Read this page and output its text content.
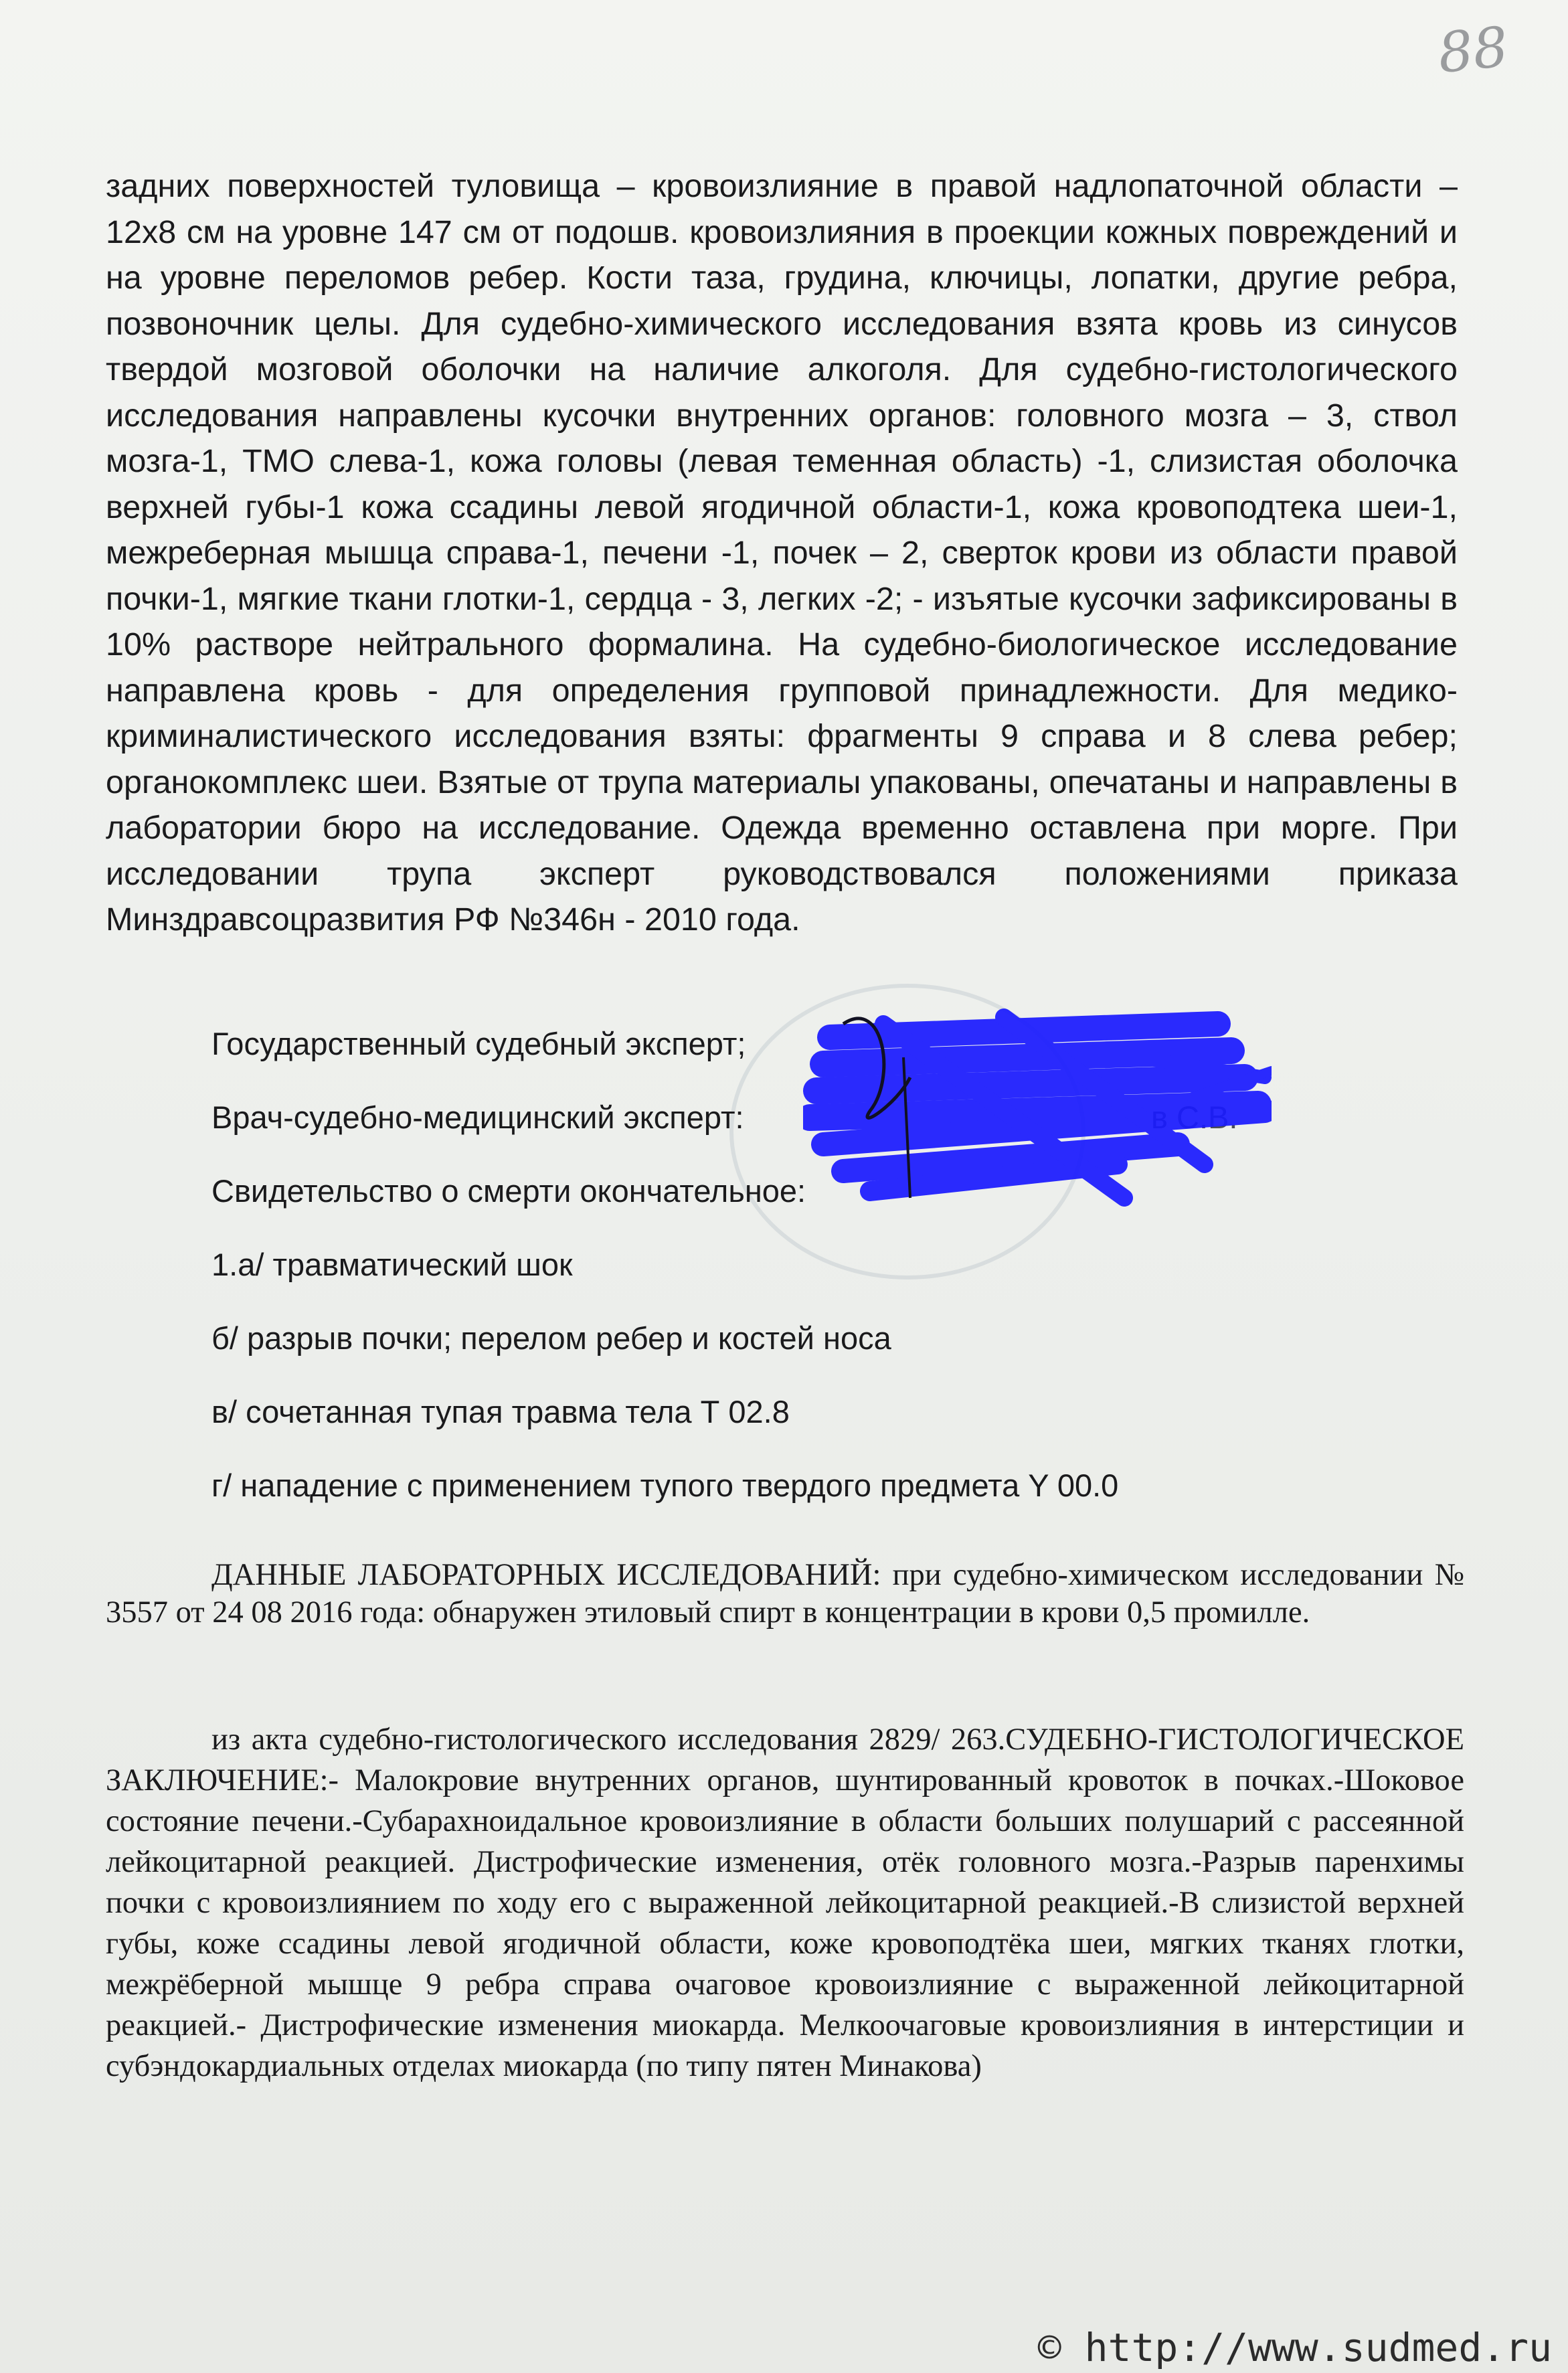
88

задних поверхностей туловища – кровоизлияние в правой надлопаточной области – 12х8 см на уровне 147 см от подошв. кровоизлияния в проекции кожных повреждений и на уровне переломов ребер. Кости таза, грудина, ключицы, лопатки, другие ребра, позвоночник целы. Для судебно-химического исследования взята кровь из синусов твердой мозговой оболочки на наличие алкоголя. Для судебно-гистологического исследования направлены кусочки внутренних органов: головного мозга – 3, ствол мозга-1, ТМО слева-1, кожа головы (левая теменная область) -1, слизистая оболочка верхней губы-1 кожа ссадины левой ягодичной области-1, кожа кровоподтека шеи-1, межреберная мышца справа-1, печени -1, почек – 2, сверток крови из области правой почки-1, мягкие ткани глотки-1, сердца - 3, легких -2; - изъятые кусочки зафиксированы в 10% растворе нейтрального формалина. На судебно-биологическое исследование направлена кровь - для определения групповой принадлежности. Для медико-криминалистического исследования взяты: фрагменты 9 справа и 8 слева ребер; органокомплекс шеи. Взятые от трупа материалы упакованы, опечатаны и направлены в лаборатории бюро на исследование. Одежда временно оставлена при морге. При исследовании трупа эксперт руководствовался положениями приказа Минздравсоцразвития РФ №346н - 2010 года.

Государственный судебный эксперт;
Врач-судебно-медицинский эксперт:	в С.В.
Свидетельство о смерти окончательное:
1.а/ травматический шок
б/ разрыв почки; перелом ребер и костей носа
в/ сочетанная тупая травма тела Т 02.8
г/ нападение с применением тупого твердого предмета Y 00.0

ДАННЫЕ ЛАБОРАТОРНЫХ ИССЛЕДОВАНИЙ: при судебно-химическом исследовании № 3557 от 24 08 2016 года: обнаружен этиловый спирт в концентрации в крови 0,5 промилле.

из акта судебно-гистологического исследования 2829/ 263.СУДЕБНО-ГИСТОЛОГИЧЕСКОЕ ЗАКЛЮЧЕНИЕ:- Малокровие внутренних органов, шунтированный кровоток в почках.-Шоковое состояние печени.-Субарахноидальное кровоизлияние в области больших полушарий с рассеянной лейкоцитарной реакцией. Дистрофические изменения, отёк головного мозга.-Разрыв паренхимы почки с кровоизлиянием по ходу его с выраженной лейкоцитарной реакцией.-В слизистой верхней губы, коже ссадины левой ягодичной области, коже кровоподтёка шеи, мягких тканях глотки, межрёберной мышце 9 ребра справа очаговое кровоизлияние с выраженной лейкоцитарной реакцией.- Дистрофические изменения миокарда. Мелкоочаговые кровоизлияния в интерстиции и субэндокардиальных отделах миокарда (по типу пятен Минакова)

© http://www.sudmed.ru
